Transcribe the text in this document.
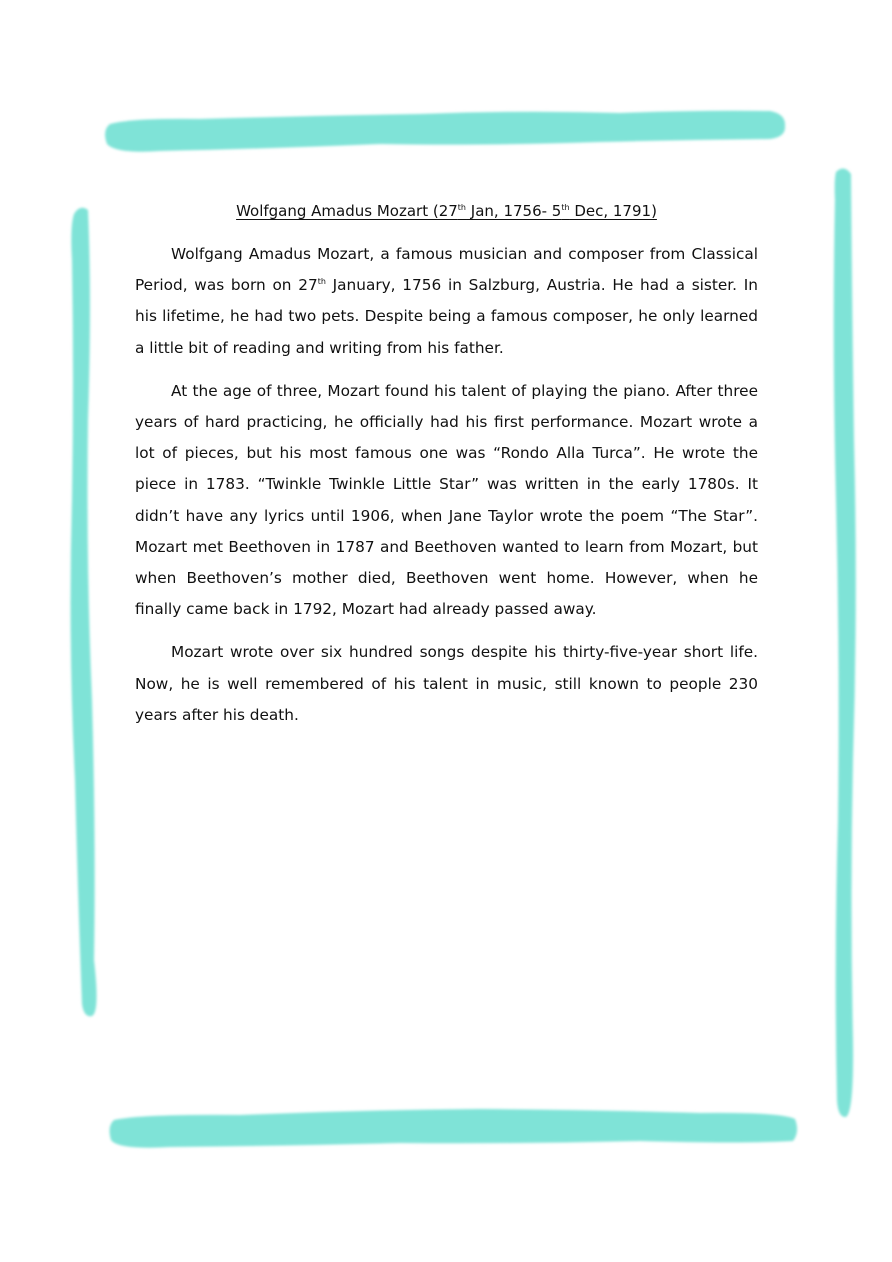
Wolfgang Amadus Mozart (27th Jan, 1756- 5th Dec, 1791)

Wolfgang Amadus Mozart, a famous musician and composer from Classical Period, was born on 27th January, 1756 in Salzburg, Austria. He had a sister. In his lifetime, he had two pets. Despite being a famous composer, he only learned a little bit of reading and writing from his father.

At the age of three, Mozart found his talent of playing the piano. After three years of hard practicing, he officially had his first performance. Mozart wrote a lot of pieces, but his most famous one was “Rondo Alla Turca”. He wrote the piece in 1783. “Twinkle Twinkle Little Star” was written in the early 1780s. It didn’t have any lyrics until 1906, when Jane Taylor wrote the poem “The Star”. Mozart met Beethoven in 1787 and Beethoven wanted to learn from Mozart, but when Beethoven’s mother died, Beethoven went home. However, when he finally came back in 1792, Mozart had already passed away.

Mozart wrote over six hundred songs despite his thirty-five-year short life. Now, he is well remembered of his talent in music, still known to people 230 years after his death.
